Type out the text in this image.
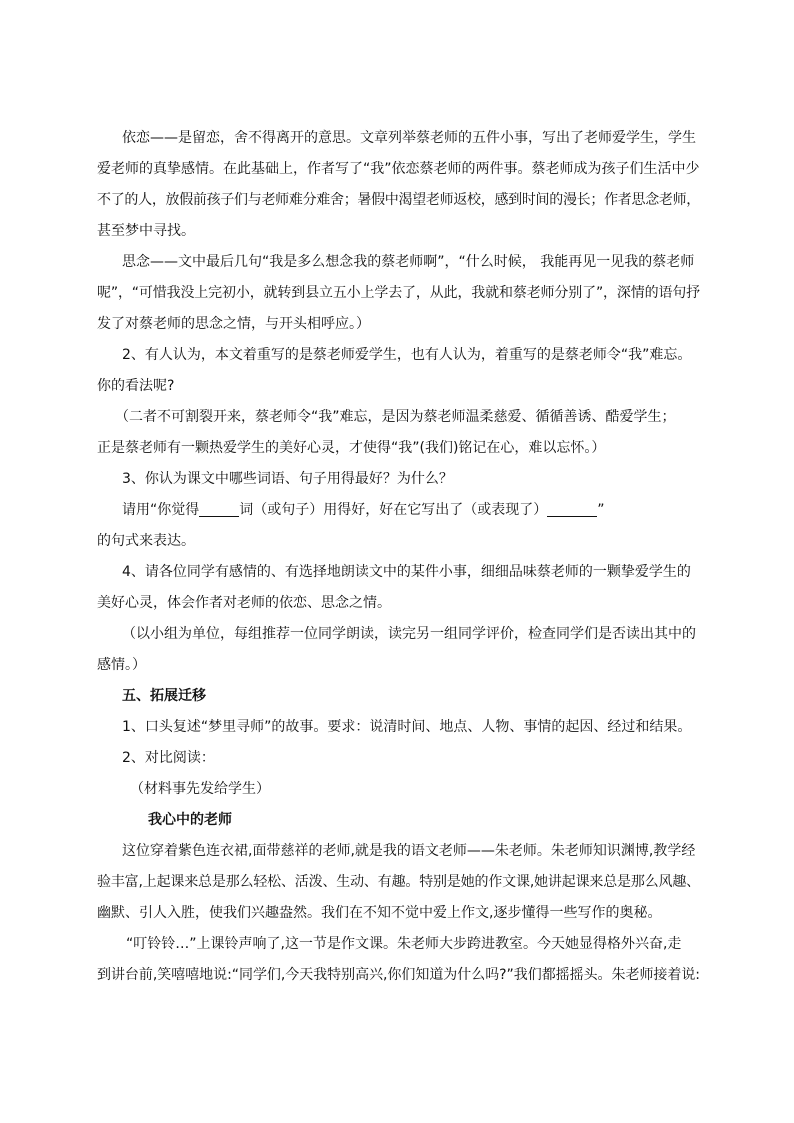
依恋——是留恋，舍不得离开的意思。文章列举蔡老师的五件小事，写出了老师爱学生，学生
爱老师的真挚感情。在此基础上，作者写了“我”依恋蔡老师的两件事。蔡老师成为孩子们生活中少
不了的人，放假前孩子们与老师难分难舍；暑假中渴望老师返校，感到时间的漫长；作者思念老师，
甚至梦中寻找。
思念——文中最后几句“我是多么想念我的蔡老师啊”，“什么时候， 我能再见一见我的蔡老师
呢”，“可惜我没上完初小，就转到县立五小上学去了，从此，我就和蔡老师分别了”，深情的语句抒
发了对蔡老师的思念之情，与开头相呼应。）
2、有人认为，本文着重写的是蔡老师爱学生，也有人认为，着重写的是蔡老师令“我”难忘。
你的看法呢?
（二者不可割裂开来，蔡老师令“我”难忘，是因为蔡老师温柔慈爱、循循善诱、酷爱学生；
正是蔡老师有一颗热爱学生的美好心灵，才使得“我”(我们)铭记在心，难以忘怀。）
3、你认为课文中哪些词语、句子用得最好？为什么？
请用“你觉得	词（或句子）用得好，好在它写出了（或表现了）	”
的句式来表达。
4、请各位同学有感情的、有选择地朗读文中的某件小事，细细品味蔡老师的一颗挚爱学生的
美好心灵，体会作者对老师的依恋、思念之情。
（以小组为单位，每组推荐一位同学朗读，读完另一组同学评价，检查同学们是否读出其中的
感情。）
五、拓展迁移
1、口头复述“梦里寻师”的故事。要求：说清时间、地点、人物、事情的起因、经过和结果。
2、对比阅读：
（材料事先发给学生）
我心中的老师
这位穿着紫色连衣裙,面带慈祥的老师,就是我的语文老师——朱老师。朱老师知识渊博,教学经
验丰富,上起课来总是那么轻松、活泼、生动、有趣。特别是她的作文课,她讲起课来总是那么风趣、
幽默、引人入胜，使我们兴趣盎然。我们在不知不觉中爱上作文,逐步懂得一些写作的奥秘。
“叮铃铃…”上课铃声响了,这一节是作文课。朱老师大步跨进教室。今天她显得格外兴奋,走
到讲台前,笑嘻嘻地说:“同学们,今天我特别高兴,你们知道为什么吗?”我们都摇摇头。朱老师接着说:
